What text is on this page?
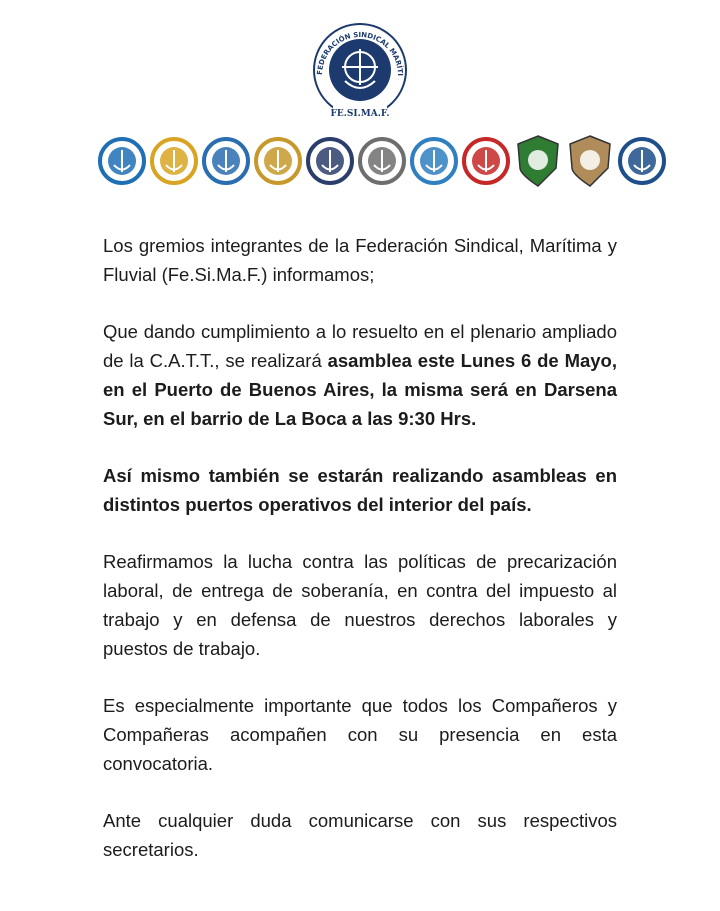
FEDERACIÓN SINDICAL MARÍTI
FE.SI.MA.F.

Los gremios integrantes de la Federación Sindical, Marítima y Fluvial (Fe.Si.Ma.F.) informamos;

Que dando cumplimiento a lo resuelto en el plenario ampliado de la C.A.T.T., se realizará asamblea este Lunes 6 de Mayo, en el Puerto de Buenos Aires, la misma será en Darsena Sur, en el barrio de La Boca a las 9:30 Hrs.

Así mismo también se estarán realizando asambleas en distintos puertos operativos del interior del país.

Reafirmamos la lucha contra las políticas de precarización laboral, de entrega de soberanía, en contra del impuesto al trabajo y en defensa de nuestros derechos laborales y puestos de trabajo.

Es especialmente importante que todos los Compañeros y Compañeras acompañen con su presencia en esta convocatoria.

Ante cualquier duda comunicarse con sus respectivos secretarios.
